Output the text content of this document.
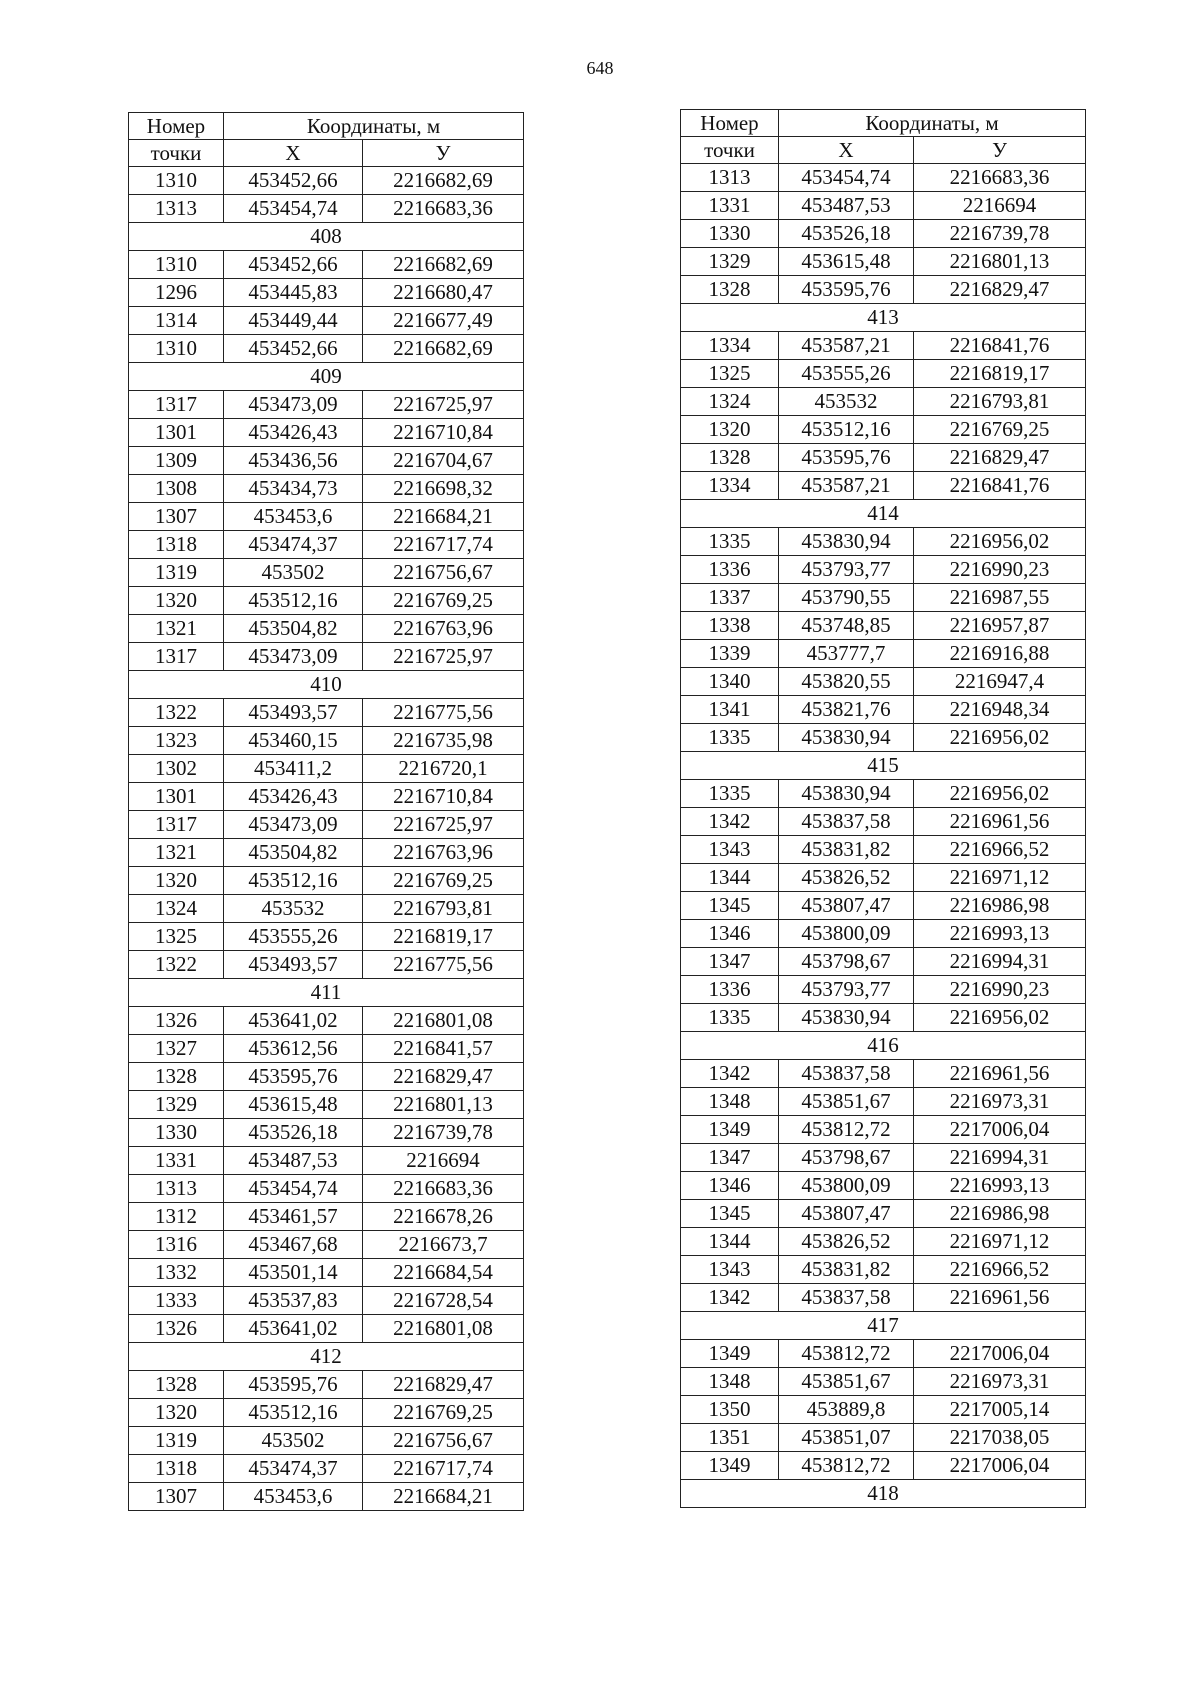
648
Номер	Координаты, м	
точки	X	У
1310	453452,66	2216682,69
1313	453454,74	2216683,36
408		
1310	453452,66	2216682,69
1296	453445,83	2216680,47
1314	453449,44	2216677,49
1310	453452,66	2216682,69
409		
1317	453473,09	2216725,97
1301	453426,43	2216710,84
1309	453436,56	2216704,67
1308	453434,73	2216698,32
1307	453453,6	2216684,21
1318	453474,37	2216717,74
1319	453502	2216756,67
1320	453512,16	2216769,25
1321	453504,82	2216763,96
1317	453473,09	2216725,97
410		
1322	453493,57	2216775,56
1323	453460,15	2216735,98
1302	453411,2	2216720,1
1301	453426,43	2216710,84
1317	453473,09	2216725,97
1321	453504,82	2216763,96
1320	453512,16	2216769,25
1324	453532	2216793,81
1325	453555,26	2216819,17
1322	453493,57	2216775,56
411		
1326	453641,02	2216801,08
1327	453612,56	2216841,57
1328	453595,76	2216829,47
1329	453615,48	2216801,13
1330	453526,18	2216739,78
1331	453487,53	2216694
1313	453454,74	2216683,36
1312	453461,57	2216678,26
1316	453467,68	2216673,7
1332	453501,14	2216684,54
1333	453537,83	2216728,54
1326	453641,02	2216801,08
412		
1328	453595,76	2216829,47
1320	453512,16	2216769,25
1319	453502	2216756,67
1318	453474,37	2216717,74
1307	453453,6	2216684,21
Номер	Координаты, м	
точки	X	У
1313	453454,74	2216683,36
1331	453487,53	2216694
1330	453526,18	2216739,78
1329	453615,48	2216801,13
1328	453595,76	2216829,47
413		
1334	453587,21	2216841,76
1325	453555,26	2216819,17
1324	453532	2216793,81
1320	453512,16	2216769,25
1328	453595,76	2216829,47
1334	453587,21	2216841,76
414		
1335	453830,94	2216956,02
1336	453793,77	2216990,23
1337	453790,55	2216987,55
1338	453748,85	2216957,87
1339	453777,7	2216916,88
1340	453820,55	2216947,4
1341	453821,76	2216948,34
1335	453830,94	2216956,02
415		
1335	453830,94	2216956,02
1342	453837,58	2216961,56
1343	453831,82	2216966,52
1344	453826,52	2216971,12
1345	453807,47	2216986,98
1346	453800,09	2216993,13
1347	453798,67	2216994,31
1336	453793,77	2216990,23
1335	453830,94	2216956,02
416		
1342	453837,58	2216961,56
1348	453851,67	2216973,31
1349	453812,72	2217006,04
1347	453798,67	2216994,31
1346	453800,09	2216993,13
1345	453807,47	2216986,98
1344	453826,52	2216971,12
1343	453831,82	2216966,52
1342	453837,58	2216961,56
417		
1349	453812,72	2217006,04
1348	453851,67	2216973,31
1350	453889,8	2217005,14
1351	453851,07	2217038,05
1349	453812,72	2217006,04
418		
